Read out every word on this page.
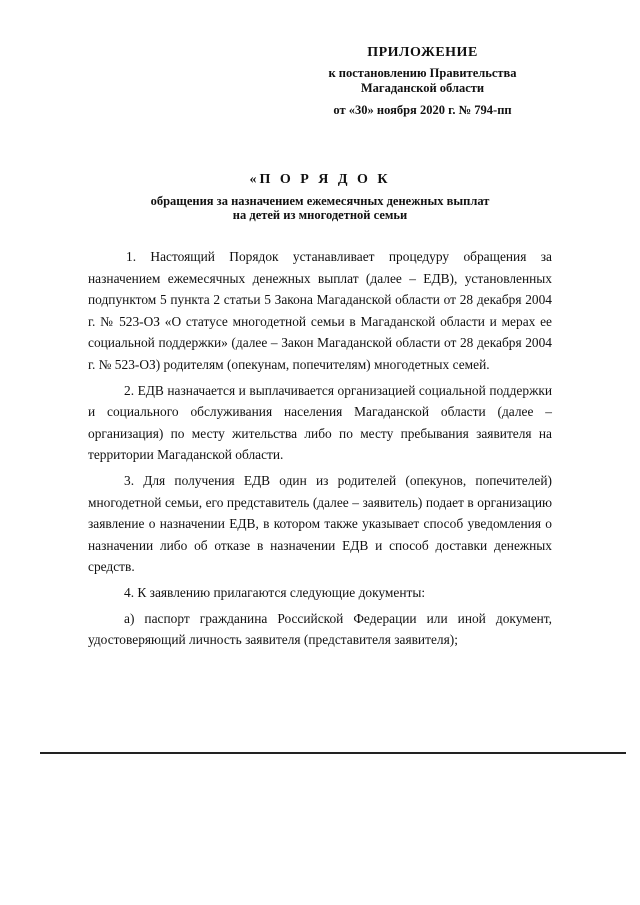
ПРИЛОЖЕНИЕ
к постановлению Правительства
Магаданской области
от «30» ноября 2020 г. № 794-пп
«П О Р Я Д О К
обращения за назначением ежемесячных денежных выплат
на детей из многодетной семьи

1. Настоящий Порядок устанавливает процедуру обращения за назначением ежемесячных денежных выплат (далее – ЕДВ), установленных подпунктом 5 пункта 2 статьи 5 Закона Магаданской области от 28 декабря 2004 г. № 523-ОЗ «О статусе многодетной семьи в Магаданской области и мерах ее социальной поддержки» (далее – Закон Магаданской области от 28 декабря 2004 г. № 523-ОЗ) родителям (опекунам, попечителям) многодетных семей.

2. ЕДВ назначается и выплачивается организацией социальной поддержки и социального обслуживания населения Магаданской области (далее – организация) по месту жительства либо по месту пребывания заявителя на территории Магаданской области.

3. Для получения ЕДВ один из родителей (опекунов, попечителей) многодетной семьи, его представитель (далее – заявитель) подает в организацию заявление о назначении ЕДВ, в котором также указывает способ уведомления о назначении либо об отказе в назначении ЕДВ и способ доставки денежных средств.

4. К заявлению прилагаются следующие документы:

а) паспорт гражданина Российской Федерации или иной документ, удостоверяющий личность заявителя (представителя заявителя);
